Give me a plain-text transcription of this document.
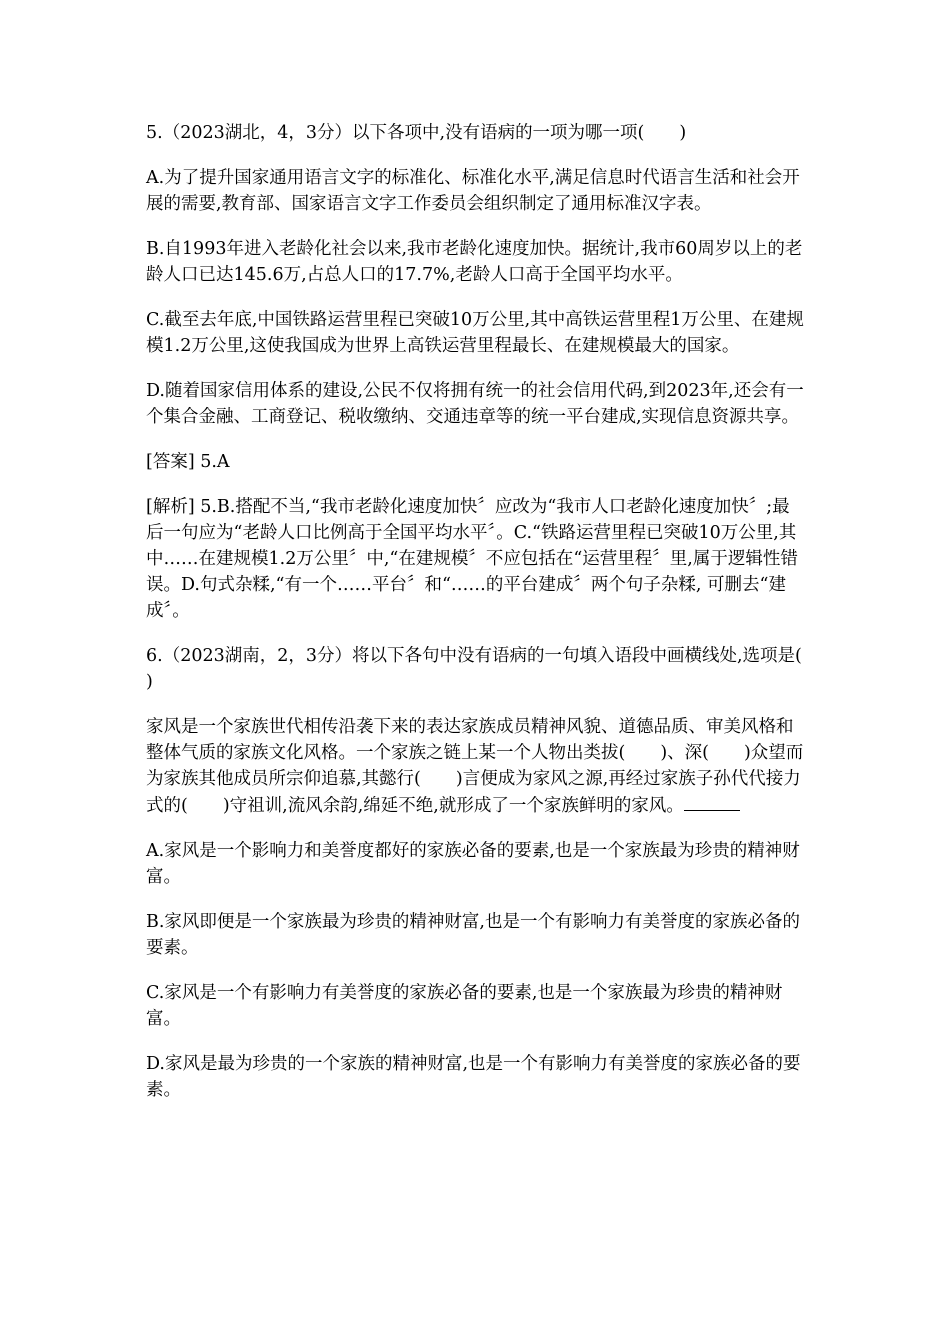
5.（2023湖北，4，3分）以下各项中,没有语病的一项为哪一项(　　)

A.为了提升国家通用语言文字的标准化、标准化水平,满足信息时代语言生活和社会开展的需要,教育部、国家语言文字工作委员会组织制定了通用标准汉字表。

B.自1993年进入老龄化社会以来,我市老龄化速度加快。据统计,我市60周岁以上的老龄人口已达145.6万,占总人口的17.7%,老龄人口高于全国平均水平。

C.截至去年底,中国铁路运营里程已突破10万公里,其中高铁运营里程1万公里、在建规模1.2万公里,这使我国成为世界上高铁运营里程最长、在建规模最大的国家。

D.随着国家信用体系的建设,公民不仅将拥有统一的社会信用代码,到2023年,还会有一个集合金融、工商登记、税收缴纳、交通违章等的统一平台建成,实现信息资源共享。

[答案] 5.A

[解析] 5.B.搭配不当,“我市老龄化速度加快〞应改为“我市人口老龄化速度加快〞;最后一句应为“老龄人口比例高于全国平均水平〞。C.“铁路运营里程已突破10万公里,其中……在建规模1.2万公里〞中,“在建规模〞不应包括在“运营里程〞里,属于逻辑性错误。D.句式杂糅,“有一个……平台〞和“……的平台建成〞两个句子杂糅, 可删去“建成〞。

6.（2023湖南，2，3分）将以下各句中没有语病的一句填入语段中画横线处,选项是(　　)

家风是一个家族世代相传沿袭下来的表达家族成员精神风貌、道德品质、审美风格和整体气质的家族文化风格。一个家族之链上某一个人物出类拔(　　)、深(　　)众望而为家族其他成员所宗仰追慕,其懿行(　　)言便成为家风之源,再经过家族子孙代代接力式的(　　)守祖训,流风余韵,绵延不绝,就形成了一个家族鲜明的家风。

A.家风是一个影响力和美誉度都好的家族必备的要素,也是一个家族最为珍贵的精神财富。

B.家风即便是一个家族最为珍贵的精神财富,也是一个有影响力有美誉度的家族必备的要素。

C.家风是一个有影响力有美誉度的家族必备的要素,也是一个家族最为珍贵的精神财富。

D.家风是最为珍贵的一个家族的精神财富,也是一个有影响力有美誉度的家族必备的要素。
